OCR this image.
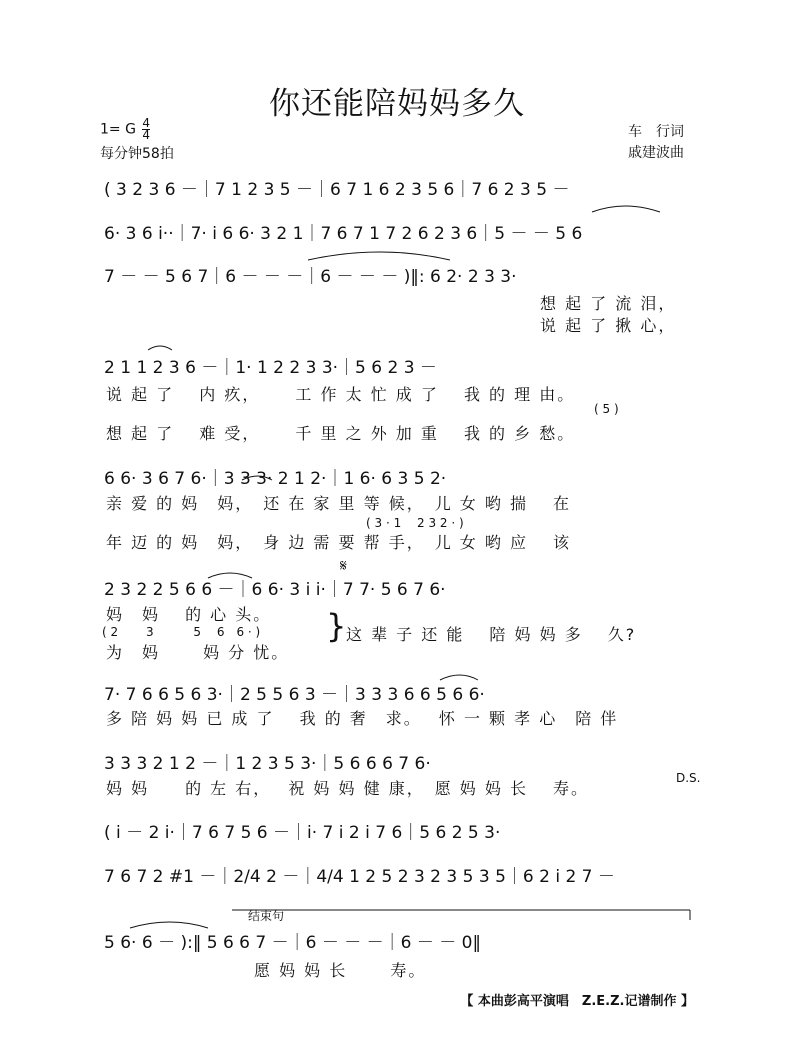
你还能陪妈妈多久
1= G $\frac{4}{4}$
每分钟58拍
车　行词
戚建波曲
( 3 2 3 6 －｜7 1 2 3 5 －｜6 7 1 6 2 3 5 6｜7 6 2 3 5 －
6· 3 6 i··｜7· i 6 6· 3 2 1｜7 6 7 1 7 2 6 2 3 6｜5 － － 5 6
7 － － 5 6 7｜6 － － －｜6 － － － )‖: 6 2· 2 3 3·
想 起 了 流 泪，
说 起 了 揪 心，
2 1 1 2 3 6 －｜1· 1 2 2 3 3·｜5 6 2 3 －
说 起 了　 内 疚，　　 工 作 太 忙 成 了　 我 的 理 由。
( 5 )
想 起 了　 难 受，　　 千 里 之 外 加 重　 我 的 乡 愁。
6 6· 3 6 7 6·｜3 3 3· 2 1 2·｜1 6· 6 3 5 2·
亲 爱 的 妈　妈，　还 在 家 里 等 候，　儿 女 哟 揣　 在
( 3 · 1　 2 3 2 · )
年 迈 的 妈　妈，　身 边 需 要 帮 手，　儿 女 哟 应　 该
𝄋
2 3 2 2 5 6 6 －｜6 6· 3 i i·｜7 7· 5 6 7 6·
妈　妈　 的 心 头。
( 2　　 3　　　 5　 6　6 · )
为　妈　　 妈 分 忧。
} 这 辈 子 还 能　 陪 妈 妈 多　 久?
7· 7 6 6 5 6 3·｜2 5 5 6 3 －｜3 3 3 6 6 5 6 6·
多 陪 妈 妈 已 成 了　 我 的 奢　求。　 怀 一 颗 孝 心　陪 伴
3 3 3 2 1 2 －｜1 2 3 5 3·｜5 6 6 6 7 6·
妈 妈　　的 左 右，　 祝 妈 妈 健 康，　愿 妈 妈 长　 寿。
D.S.
( i － 2 i·｜7 6 7 5 6 －｜i· 7 i 2 i 7 6｜5 6 2 5 3·
7 6 7 2 #1 －｜2/4 2 －｜4/4 1 2 5 2 3 2 3 5 3 5｜6 2 i 2 7 －
结束句
5 6· 6 － ):‖ 5 6 6 7 －｜6 － － －｜6 － － 0‖
愿 妈 妈 长　　 寿。
【 本曲彭高平演唱　Z.E.Z.记谱制作 】
